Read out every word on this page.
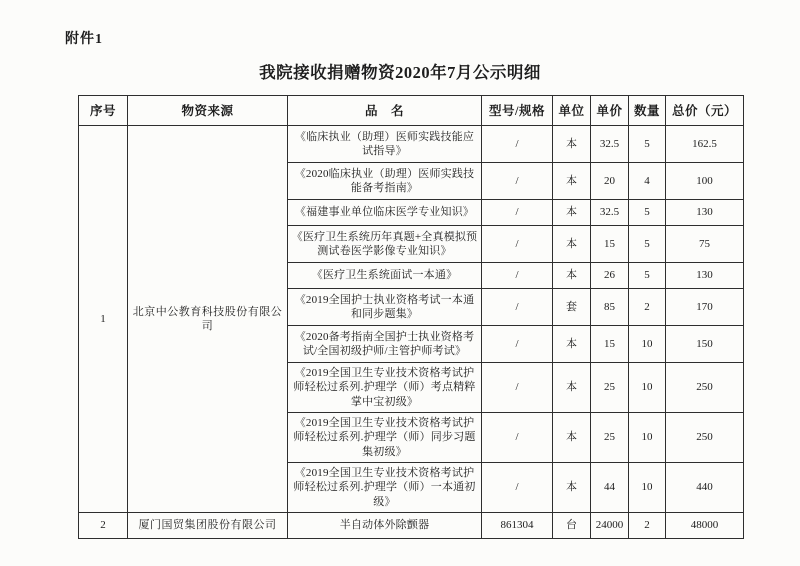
附件1
我院接收捐赠物资2020年7月公示明细
序号	物资来源	品　名	型号/规格	单位	单价	数量	总价（元）
1	北京中公教育科技股份有限公司	《临床执业（助理）医师实践技能应试指导》	/	本	32.5	5	162.5
		《2020临床执业（助理）医师实践技能备考指南》	/	本	20	4	100
		《福建事业单位临床医学专业知识》	/	本	32.5	5	130
		《医疗卫生系统历年真题+全真模拟预测试卷医学影像专业知识》	/	本	15	5	75
		《医疗卫生系统面试一本通》	/	本	26	5	130
		《2019全国护士执业资格考试一本通和同步题集》	/	套	85	2	170
		《2020备考指南全国护士执业资格考试/全国初级护师/主管护师考试》	/	本	15	10	150
		《2019全国卫生专业技术资格考试护师轻松过系列.护理学（师）考点精粹掌中宝初级》	/	本	25	10	250
		《2019全国卫生专业技术资格考试护师轻松过系列.护理学（师）同步习题集初级》	/	本	25	10	250
		《2019全国卫生专业技术资格考试护师轻松过系列.护理学（师）一本通初级》	/	本	44	10	440
2	厦门国贸集团股份有限公司	半自动体外除颤器	861304	台	24000	2	48000
